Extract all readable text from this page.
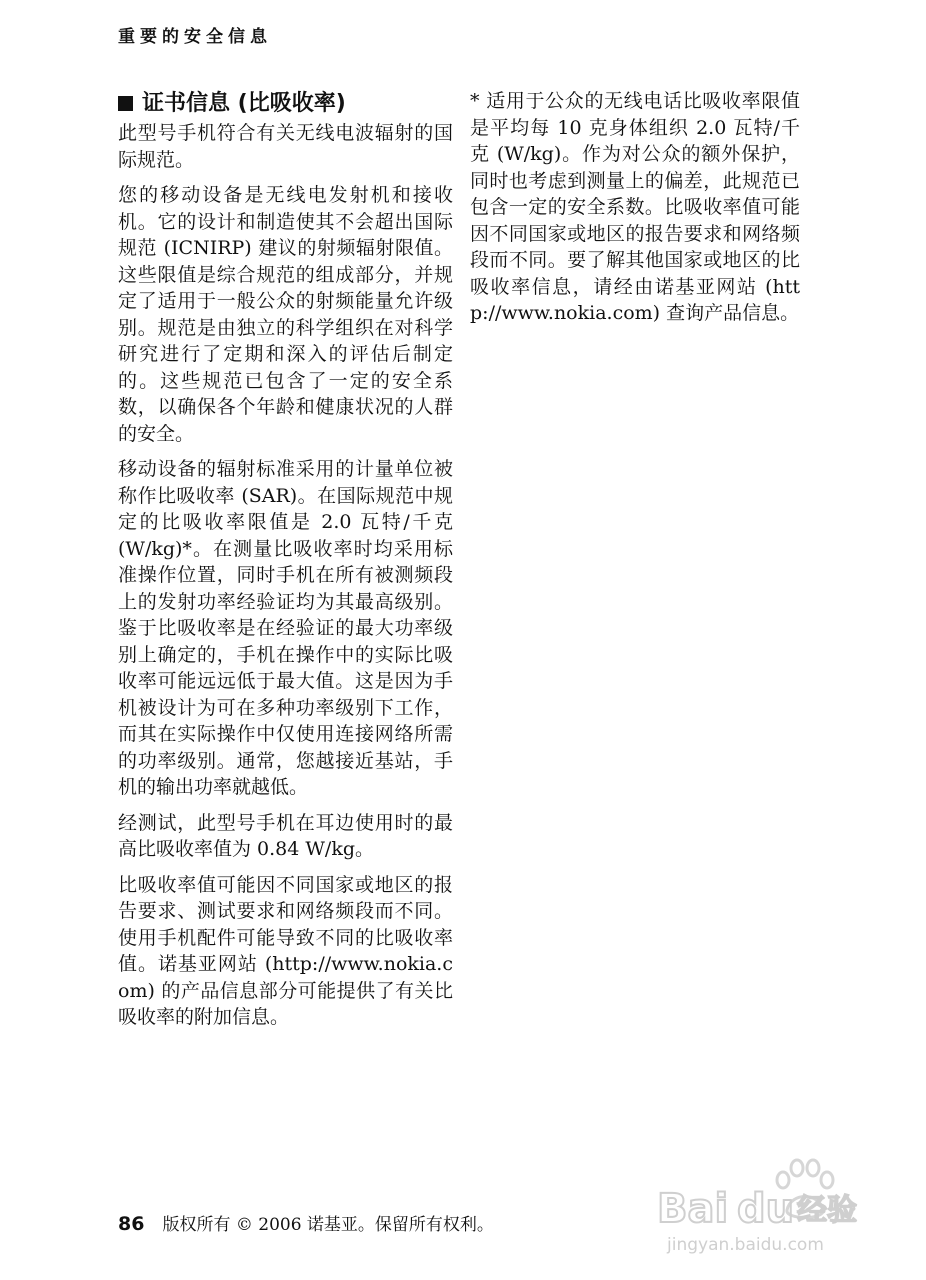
重要的安全信息
证书信息 (比吸收率)

此型号手机符合有关无线电波辐射的国际规范。

您的移动设备是无线电发射机和接收机。它的设计和制造使其不会超出国际规范 (ICNIRP) 建议的射频辐射限值。这些限值是综合规范的组成部分，并规定了适用于一般公众的射频能量允许级别。规范是由独立的科学组织在对科学研究进行了定期和深入的评估后制定的。这些规范已包含了一定的安全系数，以确保各个年龄和健康状况的人群的安全。

移动设备的辐射标准采用的计量单位被称作比吸收率 (SAR)。在国际规范中规定的比吸收率限值是 2.0 瓦特/千克 (W/kg)*。在测量比吸收率时均采用标准操作位置，同时手机在所有被测频段上的发射功率经验证均为其最高级别。鉴于比吸收率是在经验证的最大功率级别上确定的，手机在操作中的实际比吸收率可能远远低于最大值。这是因为手机被设计为可在多种功率级别下工作，而其在实际操作中仅使用连接网络所需的功率级别。通常，您越接近基站，手机的输出功率就越低。

经测试，此型号手机在耳边使用时的最高比吸收率值为 0.84 W/kg。

比吸收率值可能因不同国家或地区的报告要求、测试要求和网络频段而不同。使用手机配件可能导致不同的比吸收率值。诺基亚网站 (http://www.nokia.com) 的产品信息部分可能提供了有关比吸收率的附加信息。

* 适用于公众的无线电话比吸收率限值是平均每 10 克身体组织 2.0 瓦特/千克 (W/kg)。作为对公众的额外保护，同时也考虑到测量上的偏差，此规范已包含一定的安全系数。比吸收率值可能因不同国家或地区的报告要求和网络频段而不同。要了解其他国家或地区的比吸收率信息，请经由诺基亚网站 (http://www.nokia.com) 查询产品信息。

86 版权所有 © 2006 诺基亚。保留所有权利。	Bai du 经验
jingyan.baidu.com
